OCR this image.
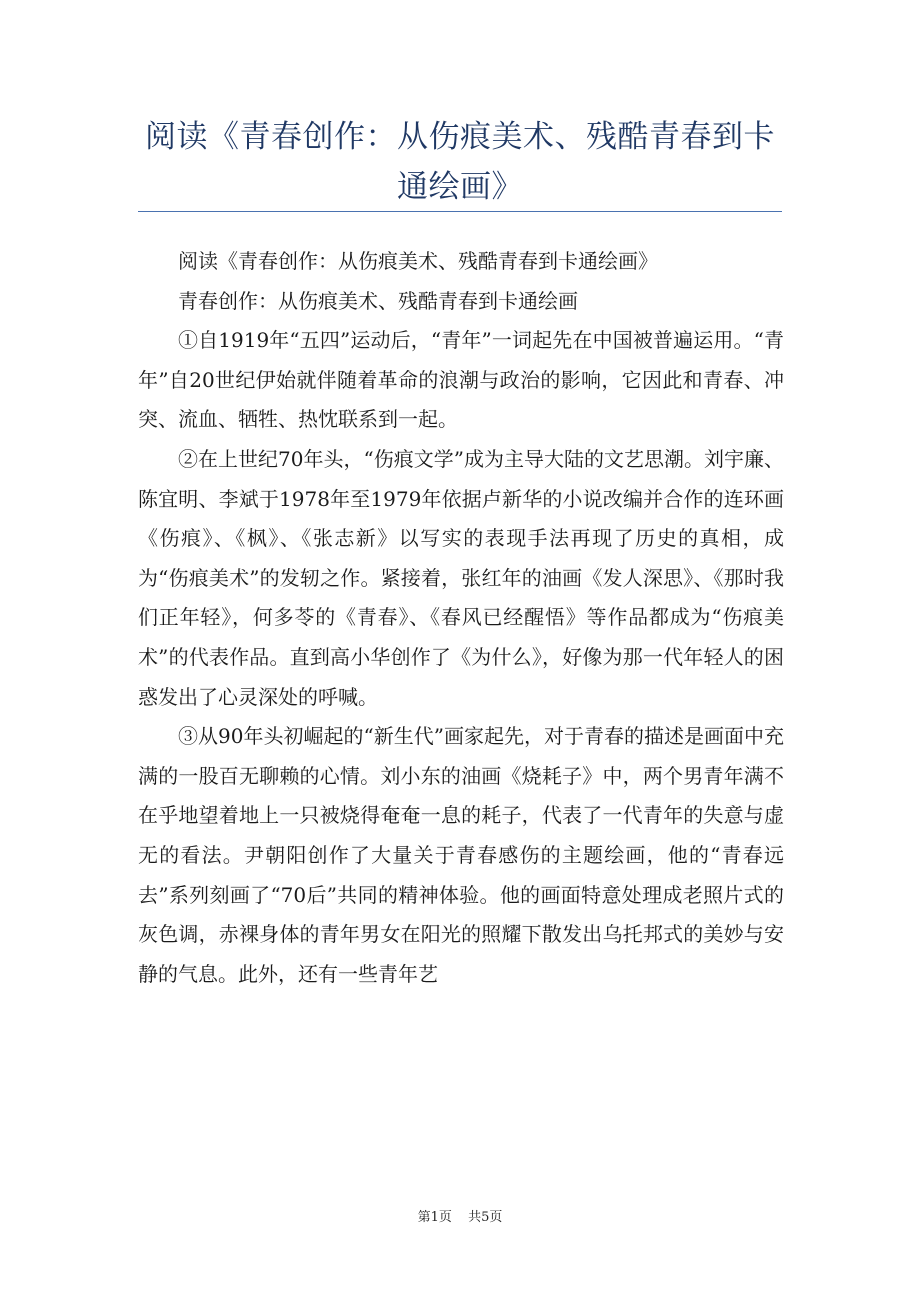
阅读《青春创作：从伤痕美术、残酷青春到卡通绘画》

阅读《青春创作：从伤痕美术、残酷青春到卡通绘画》

青春创作：从伤痕美术、残酷青春到卡通绘画

①自1919年“五四”运动后，“青年”一词起先在中国被普遍运用。“青年”自20世纪伊始就伴随着革命的浪潮与政治的影响，它因此和青春、冲突、流血、牺牲、热忱联系到一起。

②在上世纪70年头，“伤痕文学”成为主导大陆的文艺思潮。刘宇廉、陈宜明、李斌于1978年至1979年依据卢新华的小说改编并合作的连环画《伤痕》、《枫》、《张志新》以写实的表现手法再现了历史的真相，成为“伤痕美术”的发轫之作。紧接着，张红年的油画《发人深思》、《那时我们正年轻》，何多苓的《青春》、《春风已经醒悟》等作品都成为“伤痕美术”的代表作品。直到高小华创作了《为什么》，好像为那一代年轻人的困惑发出了心灵深处的呼喊。

③从90年头初崛起的“新生代”画家起先，对于青春的描述是画面中充满的一股百无聊赖的心情。刘小东的油画《烧耗子》中，两个男青年满不在乎地望着地上一只被烧得奄奄一息的耗子，代表了一代青年的失意与虚无的看法。尹朝阳创作了大量关于青春感伤的主题绘画，他的“青春远去”系列刻画了“70后”共同的精神体验。他的画面特意处理成老照片式的灰色调，赤裸身体的青年男女在阳光的照耀下散发出乌托邦式的美妙与安静的气息。此外，还有一些青年艺

第1页 共5页
